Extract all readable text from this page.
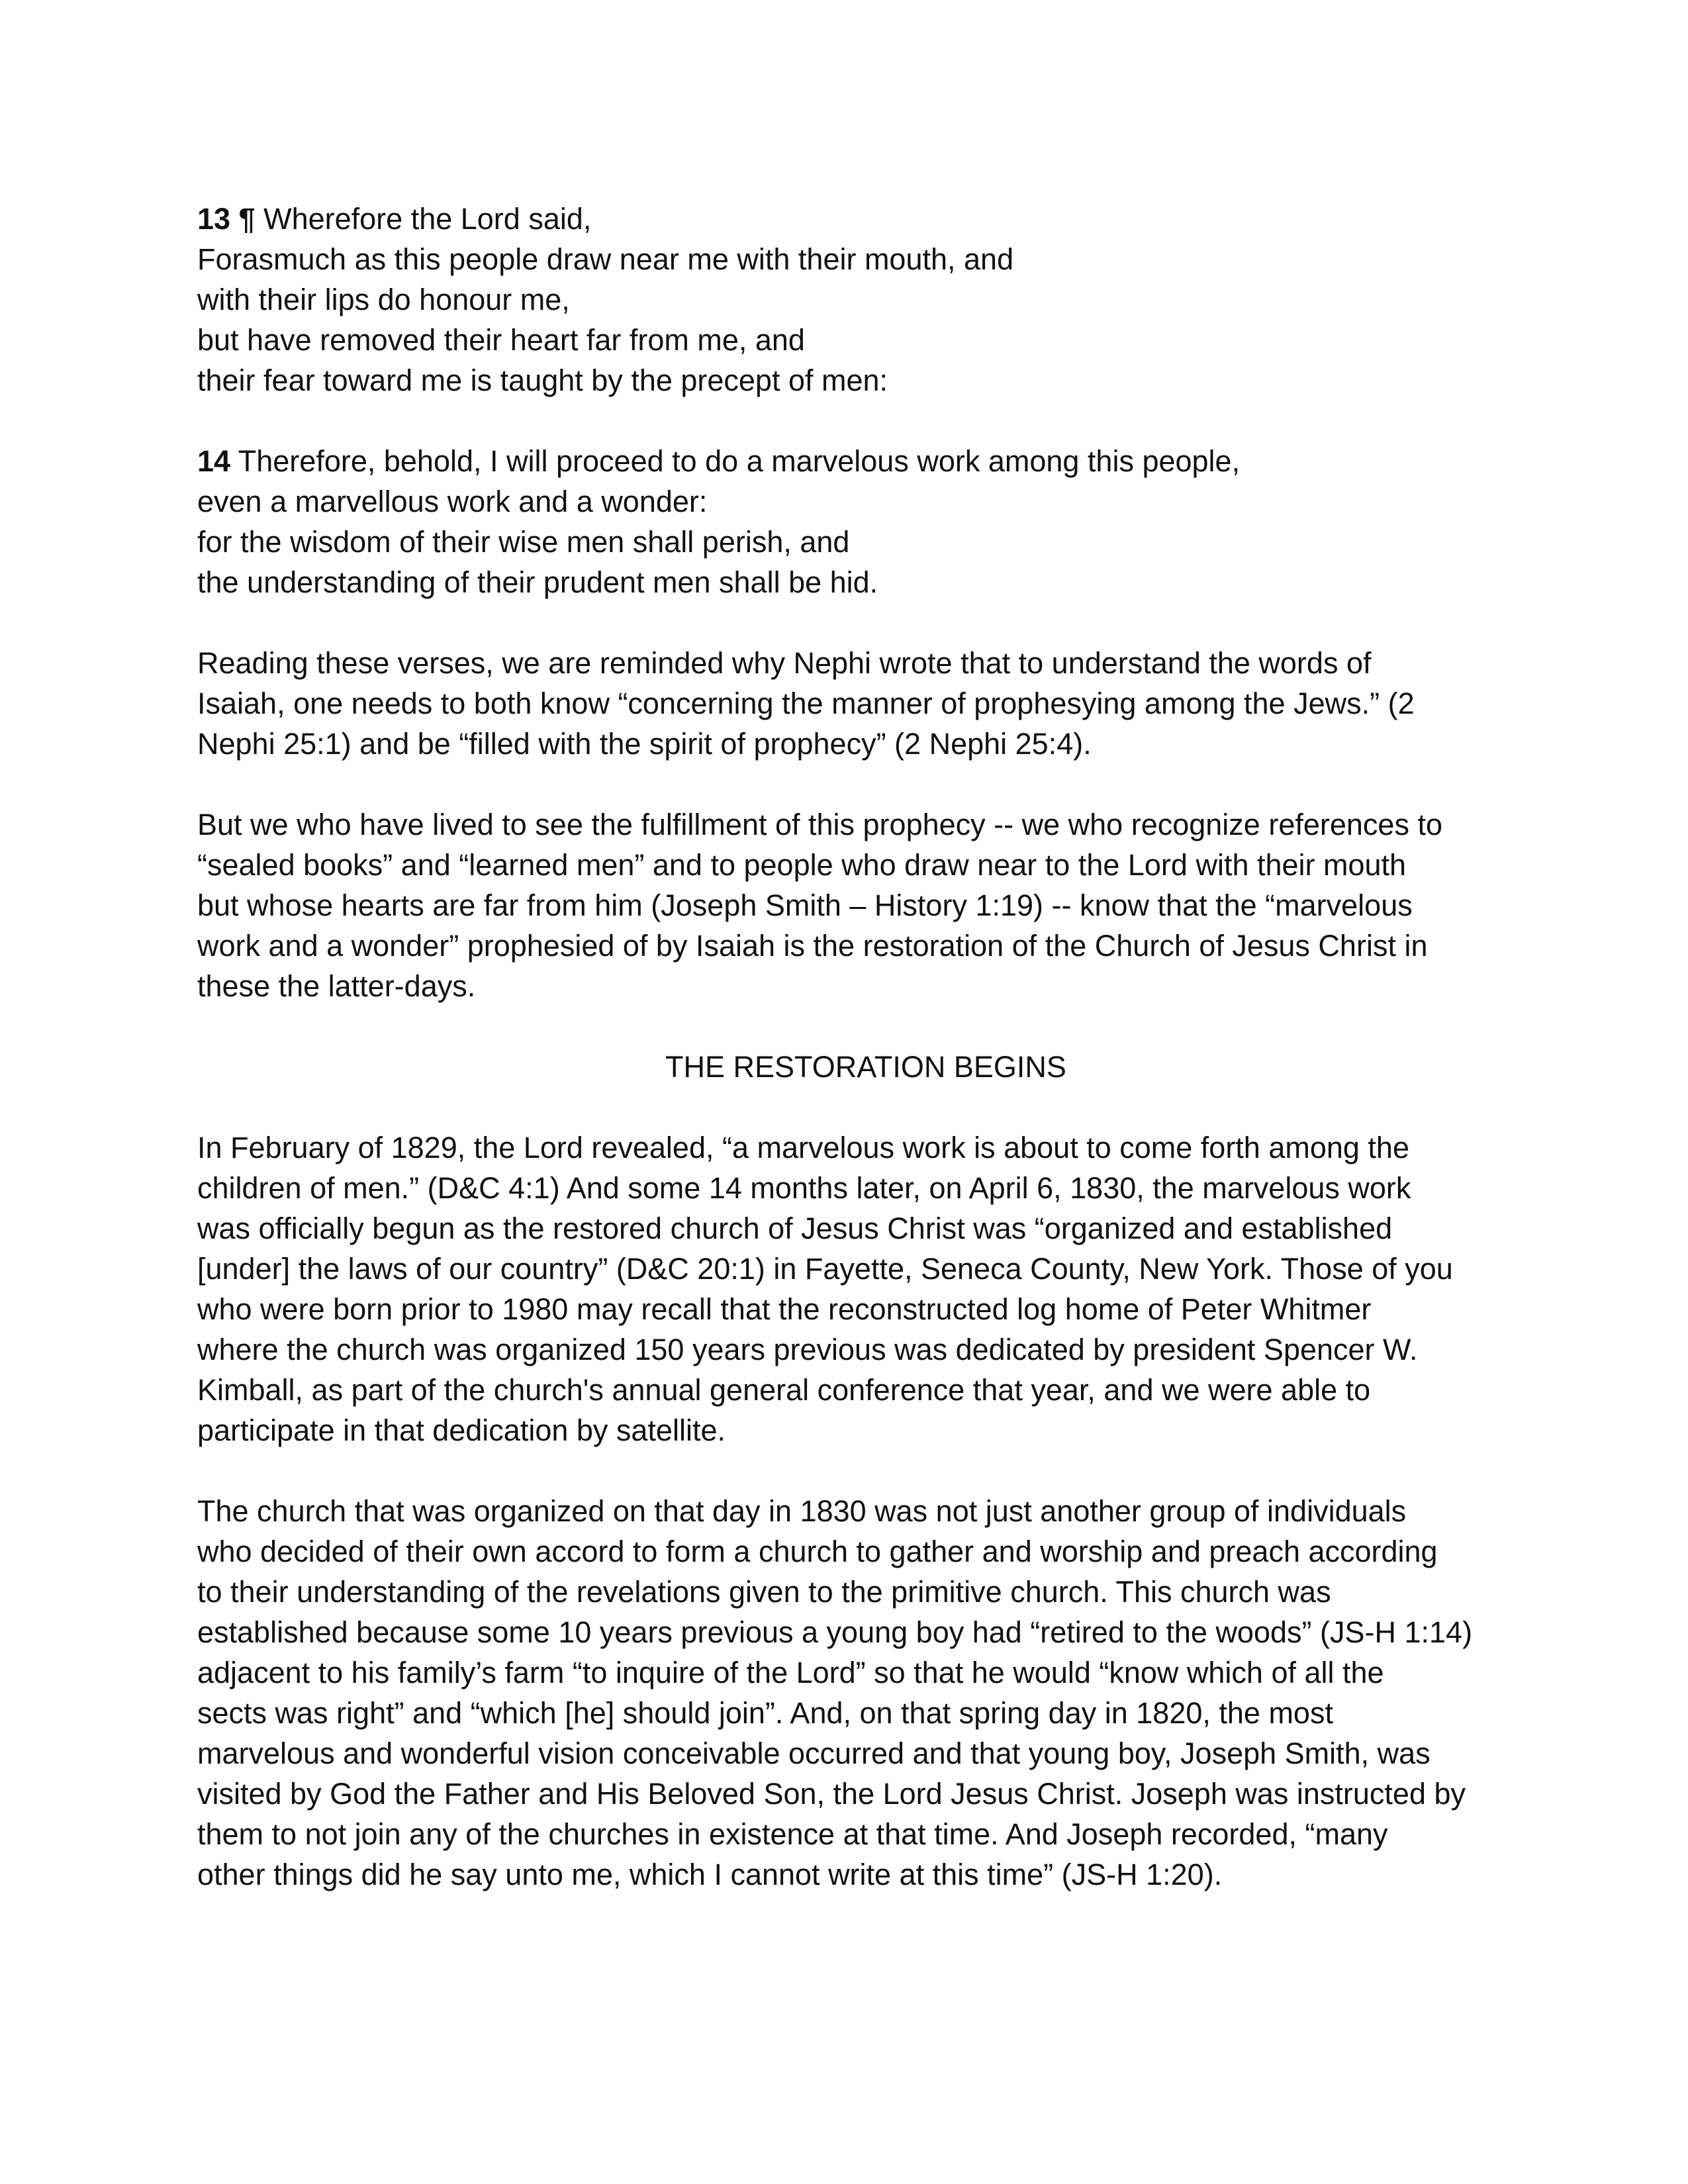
13 ¶ Wherefore the Lord said,
Forasmuch as this people draw near me with their mouth, and
with their lips do honour me,
but have removed their heart far from me, and
their fear toward me is taught by the precept of men:
14 Therefore, behold, I will proceed to do a marvelous work among this people,
even a marvellous work and a wonder:
for the wisdom of their wise men shall perish, and
the understanding of their prudent men shall be hid.
Reading these verses, we are reminded why Nephi wrote that to understand the words of
Isaiah, one needs to both know “concerning the manner of prophesying among the Jews.” (2
Nephi 25:1) and be “filled with the spirit of prophecy” (2 Nephi 25:4).
But we who have lived to see the fulfillment of this prophecy -- we who recognize references to
“sealed books” and “learned men” and to people who draw near to the Lord with their mouth
but whose hearts are far from him (Joseph Smith – History 1:19) -- know that the “marvelous
work and a wonder” prophesied of by Isaiah is the restoration of the Church of Jesus Christ in
these the latter-days.
THE RESTORATION BEGINS
In February of 1829, the Lord revealed, “a marvelous work is about to come forth among the
children of men.” (D&C 4:1) And some 14 months later, on April 6, 1830, the marvelous work
was officially begun as the restored church of Jesus Christ was “organized and established
[under] the laws of our country” (D&C 20:1) in Fayette, Seneca County, New York. Those of you
who were born prior to 1980 may recall that the reconstructed log home of Peter Whitmer
where the church was organized 150 years previous was dedicated by president Spencer W.
Kimball, as part of the church's annual general conference that year, and we were able to
participate in that dedication by satellite.
The church that was organized on that day in 1830 was not just another group of individuals
who decided of their own accord to form a church to gather and worship and preach according
to their understanding of the revelations given to the primitive church. This church was
established because some 10 years previous a young boy had “retired to the woods” (JS-H 1:14)
adjacent to his family’s farm “to inquire of the Lord” so that he would “know which of all the
sects was right” and “which [he] should join”. And, on that spring day in 1820, the most
marvelous and wonderful vision conceivable occurred and that young boy, Joseph Smith, was
visited by God the Father and His Beloved Son, the Lord Jesus Christ. Joseph was instructed by
them to not join any of the churches in existence at that time. And Joseph recorded, “many
other things did he say unto me, which I cannot write at this time” (JS-H 1:20).
